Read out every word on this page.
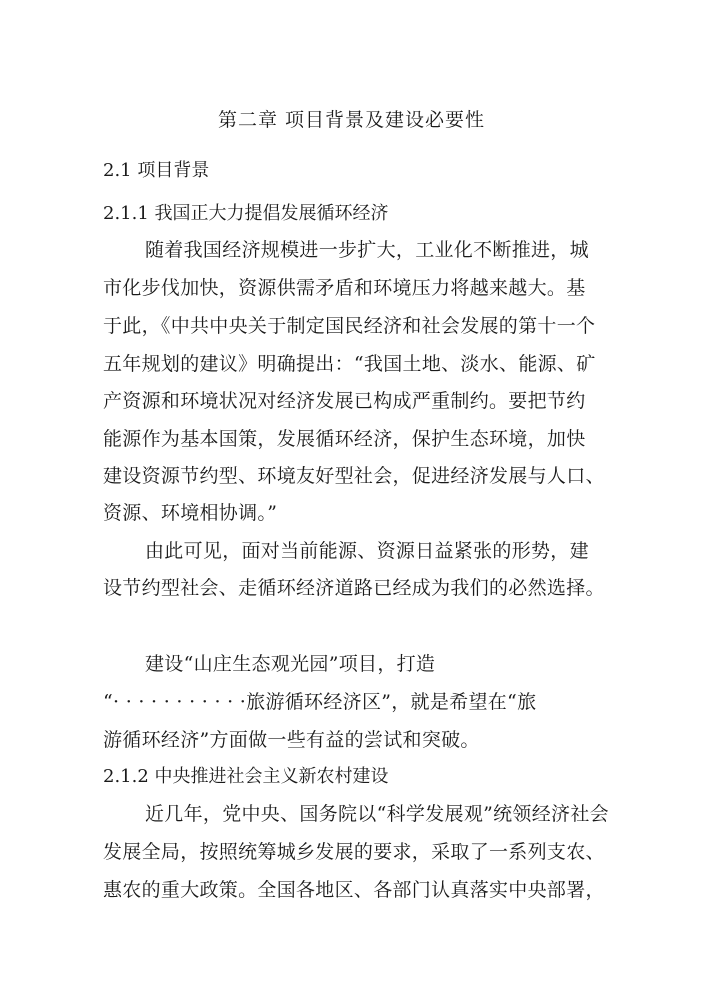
第二章 项目背景及建设必要性
2.1 项目背景
2.1.1 我国正大力提倡发展循环经济
随着我国经济规模进一步扩大，工业化不断推进，城
市化步伐加快，资源供需矛盾和环境压力将越来越大。基
于此，《中共中央关于制定国民经济和社会发展的第十一个
五年规划的建议》明确提出：“我国土地、淡水、能源、矿
产资源和环境状况对经济发展已构成严重制约。要把节约
能源作为基本国策，发展循环经济，保护生态环境，加快
建设资源节约型、环境友好型社会，促进经济发展与人口、
资源、环境相协调。”
由此可见，面对当前能源、资源日益紧张的形势，建
设节约型社会、走循环经济道路已经成为我们的必然选择。
建设“山庄生态观光园”项目，打造
“· · · · · · · · · · ·旅游循环经济区”，就是希望在“旅
游循环经济”方面做一些有益的尝试和突破。
2.1.2 中央推进社会主义新农村建设
近几年，党中央、国务院以“科学发展观”统领经济社会
发展全局，按照统筹城乡发展的要求，采取了一系列支农、
惠农的重大政策。全国各地区、各部门认真落实中央部署，
